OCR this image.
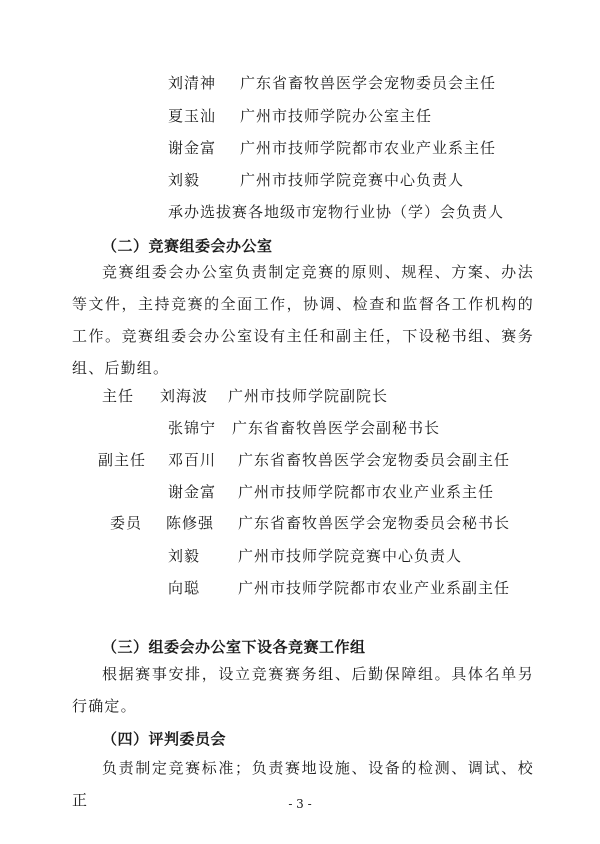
刘清神 广东省畜牧兽医学会宠物委员会主任
夏玉汕 广州市技师学院办公室主任
谢金富 广州市技师学院都市农业产业系主任
刘毅	广州市技师学院竞赛中心负责人
承办选拔赛各地级市宠物行业协（学）会负责人
（二）竞赛组委会办公室
竞赛组委会办公室负责制定竞赛的原则、规程、方案、办法等文件，主持竞赛的全面工作，协调、检查和监督各工作机构的工作。竞赛组委会办公室设有主任和副主任，下设秘书组、赛务组、后勤组。
主任 刘海波 广州市技师学院副院长
张锦宁 广东省畜牧兽医学会副秘书长
副主任 邓百川 广东省畜牧兽医学会宠物委员会副主任
谢金富 广州市技师学院都市农业产业系主任
委员 陈修强 广东省畜牧兽医学会宠物委员会秘书长
刘毅	广州市技师学院竞赛中心负责人
向聪	广州市技师学院都市农业产业系副主任
（三）组委会办公室下设各竞赛工作组
根据赛事安排，设立竞赛赛务组、后勤保障组。具体名单另行确定。
（四）评判委员会
负责制定竞赛标准；负责赛地设施、设备的检测、调试、校正	- 3 -
